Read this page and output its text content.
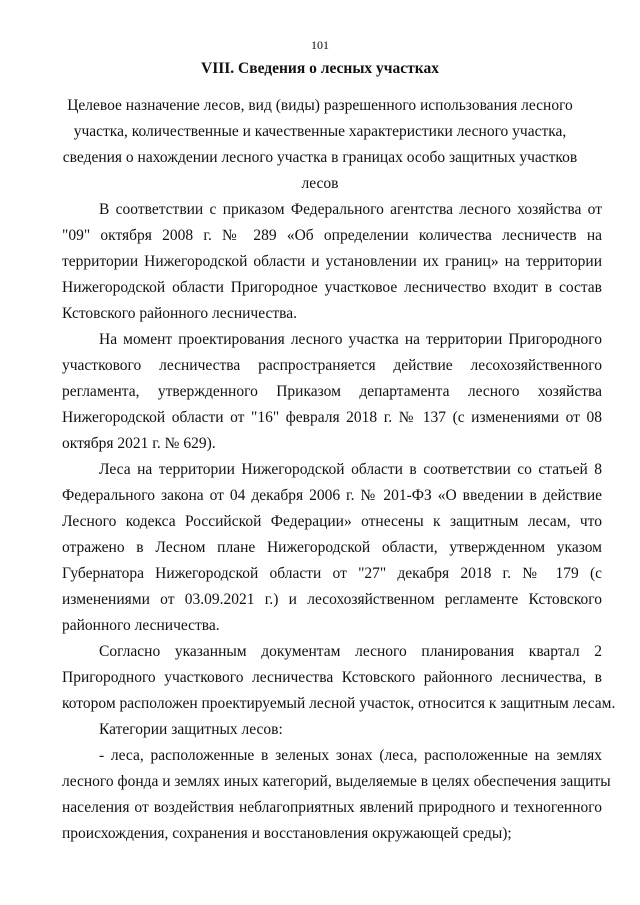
101
VIII. Сведения о лесных участках
Целевое назначение лесов, вид (виды) разрешенного использования лесного
участка, количественные и качественные характеристики лесного участка,
сведения о нахождении лесного участка в границах особо защитных участков
лесов
В соответствии с приказом Федерального агентства лесного хозяйства от
"09" октября 2008 г. № 289 «Об определении количества лесничеств на
территории Нижегородской области и установлении их границ» на территории
Нижегородской области Пригородное участковое лесничество входит в состав
Кстовского районного лесничества.
На момент проектирования лесного участка на территории Пригородного
участкового лесничества распространяется действие лесохозяйственного
регламента, утвержденного Приказом департамента лесного хозяйства
Нижегородской области от "16" февраля 2018 г. № 137 (с изменениями от 08
октября 2021 г. № 629).
Леса на территории Нижегородской области в соответствии со статьей 8
Федерального закона от 04 декабря 2006 г. № 201-ФЗ «О введении в действие
Лесного кодекса Российской Федерации» отнесены к защитным лесам, что
отражено в Лесном плане Нижегородской области, утвержденном указом
Губернатора Нижегородской области от "27" декабря 2018 г. № 179 (с
изменениями от 03.09.2021 г.) и лесохозяйственном регламенте Кстовского
районного лесничества.
Согласно указанным документам лесного планирования квартал 2
Пригородного участкового лесничества Кстовского районного лесничества, в
котором расположен проектируемый лесной участок, относится к защитным лесам.
Категории защитных лесов:
- леса, расположенные в зеленых зонах (леса, расположенные на землях
лесного фонда и землях иных категорий, выделяемые в целях обеспечения защиты
населения от воздействия неблагоприятных явлений природного и техногенного
происхождения, сохранения и восстановления окружающей среды);
